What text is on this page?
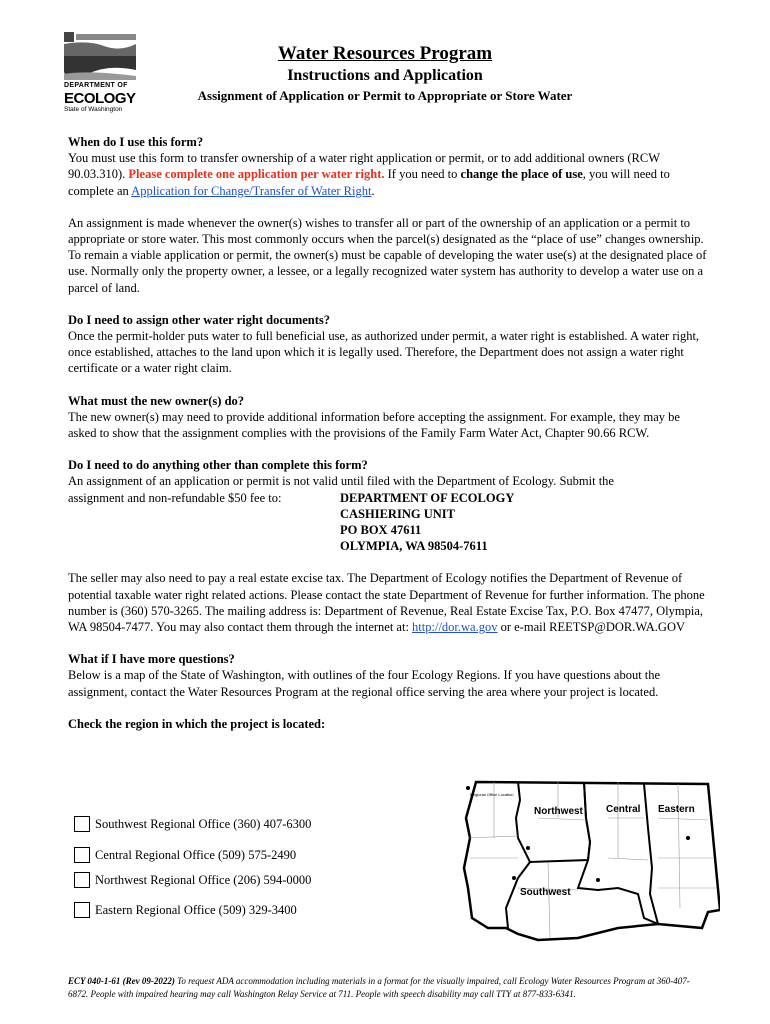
DEPARTMENT OF
ECOLOGY
State of Washington
Water Resources Program
Instructions and Application
Assignment of Application or Permit to Appropriate or Store Water

When do I use this form?

You must use this form to transfer ownership of a water right application or permit, or to add additional owners (RCW 90.03.310). Please complete one application per water right. If you need to change the place of use, you will need to complete an Application for Change/Transfer of Water Right.

An assignment is made whenever the owner(s) wishes to transfer all or part of the ownership of an application or a permit to appropriate or store water. This most commonly occurs when the parcel(s) designated as the “place of use” changes ownership. To remain a viable application or permit, the owner(s) must be capable of developing the water use(s) at the designated place of use. Normally only the property owner, a lessee, or a legally recognized water system has authority to develop a water use on a parcel of land.

Do I need to assign other water right documents?

Once the permit-holder puts water to full beneficial use, as authorized under permit, a water right is established. A water right, once established, attaches to the land upon which it is legally used. Therefore, the Department does not assign a water right certificate or a water right claim.

What must the new owner(s) do?

The new owner(s) may need to provide additional information before accepting the assignment. For example, they may be asked to show that the assignment complies with the provisions of the Family Farm Water Act, Chapter 90.66 RCW.

Do I need to do anything other than complete this form?

An assignment of an application or permit is not valid until filed with the Department of Ecology. Submit the

assignment and non-refundable $50 fee to:	DEPARTMENT OF ECOLOGY
CASHIERING UNIT
PO BOX 47611
OLYMPIA, WA 98504-7611

The seller may also need to pay a real estate excise tax. The Department of Ecology notifies the Department of Revenue of potential taxable water right related actions. Please contact the state Department of Revenue for further information. The phone number is (360) 570-3265. The mailing address is: Department of Revenue, Real Estate Excise Tax, P.O. Box 47477, Olympia, WA 98504-7477. You may also contact them through the internet at: http://dor.wa.gov or e-mail REETSP@DOR.WA.GOV

What if I have more questions?

Below is a map of the State of Washington, with outlines of the four Ecology Regions. If you have questions about the assignment, contact the Water Resources Program at the regional office serving the area where your project is located.

Check the region in which the project is located:

Southwest Regional Office (360) 407-6300
Central Regional Office (509) 575-2490
Northwest Regional Office (206) 594-0000
Eastern Regional Office (509) 329-3400
Regional Office Location
Northwest Central Eastern
Southwest
ECY 040-1-61 (Rev 09-2022) To request ADA accommodation including materials in a format for the visually impaired, call Ecology Water Resources Program at 360-407-6872. People with impaired hearing may call Washington Relay Service at 711. People with speech disability may call TTY at 877-833-6341.
